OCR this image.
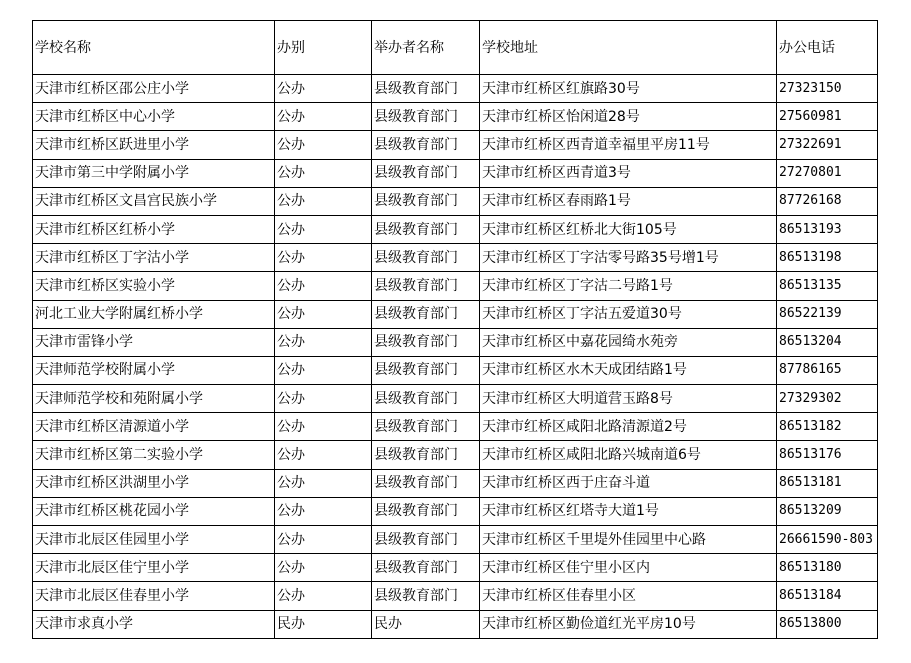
学校名称	办别	举办者名称	学校地址	办公电话
天津市红桥区邵公庄小学	公办	县级教育部门	天津市红桥区红旗路30号	27323150
天津市红桥区中心小学	公办	县级教育部门	天津市红桥区怡闲道28号	27560981
天津市红桥区跃进里小学	公办	县级教育部门	天津市红桥区西青道幸福里平房11号	27322691
天津市第三中学附属小学	公办	县级教育部门	天津市红桥区西青道3号	27270801
天津市红桥区文昌宫民族小学	公办	县级教育部门	天津市红桥区春雨路1号	87726168
天津市红桥区红桥小学	公办	县级教育部门	天津市红桥区红桥北大街105号	86513193
天津市红桥区丁字沽小学	公办	县级教育部门	天津市红桥区丁字沽零号路35号增1号	86513198
天津市红桥区实验小学	公办	县级教育部门	天津市红桥区丁字沽二号路1号	86513135
河北工业大学附属红桥小学	公办	县级教育部门	天津市红桥区丁字沽五爱道30号	86522139
天津市雷锋小学	公办	县级教育部门	天津市红桥区中嘉花园绮水苑旁	86513204
天津师范学校附属小学	公办	县级教育部门	天津市红桥区水木天成团结路1号	87786165
天津师范学校和苑附属小学	公办	县级教育部门	天津市红桥区大明道营玉路8号	27329302
天津市红桥区清源道小学	公办	县级教育部门	天津市红桥区咸阳北路清源道2号	86513182
天津市红桥区第二实验小学	公办	县级教育部门	天津市红桥区咸阳北路兴城南道6号	86513176
天津市红桥区洪湖里小学	公办	县级教育部门	天津市红桥区西于庄奋斗道	86513181
天津市红桥区桃花园小学	公办	县级教育部门	天津市红桥区红塔寺大道1号	86513209
天津市北辰区佳园里小学	公办	县级教育部门	天津市红桥区千里堤外佳园里中心路	26661590-803
天津市北辰区佳宁里小学	公办	县级教育部门	天津市红桥区佳宁里小区内	86513180
天津市北辰区佳春里小学	公办	县级教育部门	天津市红桥区佳春里小区	86513184
天津市求真小学	民办	民办	天津市红桥区勤俭道红光平房10号	86513800
